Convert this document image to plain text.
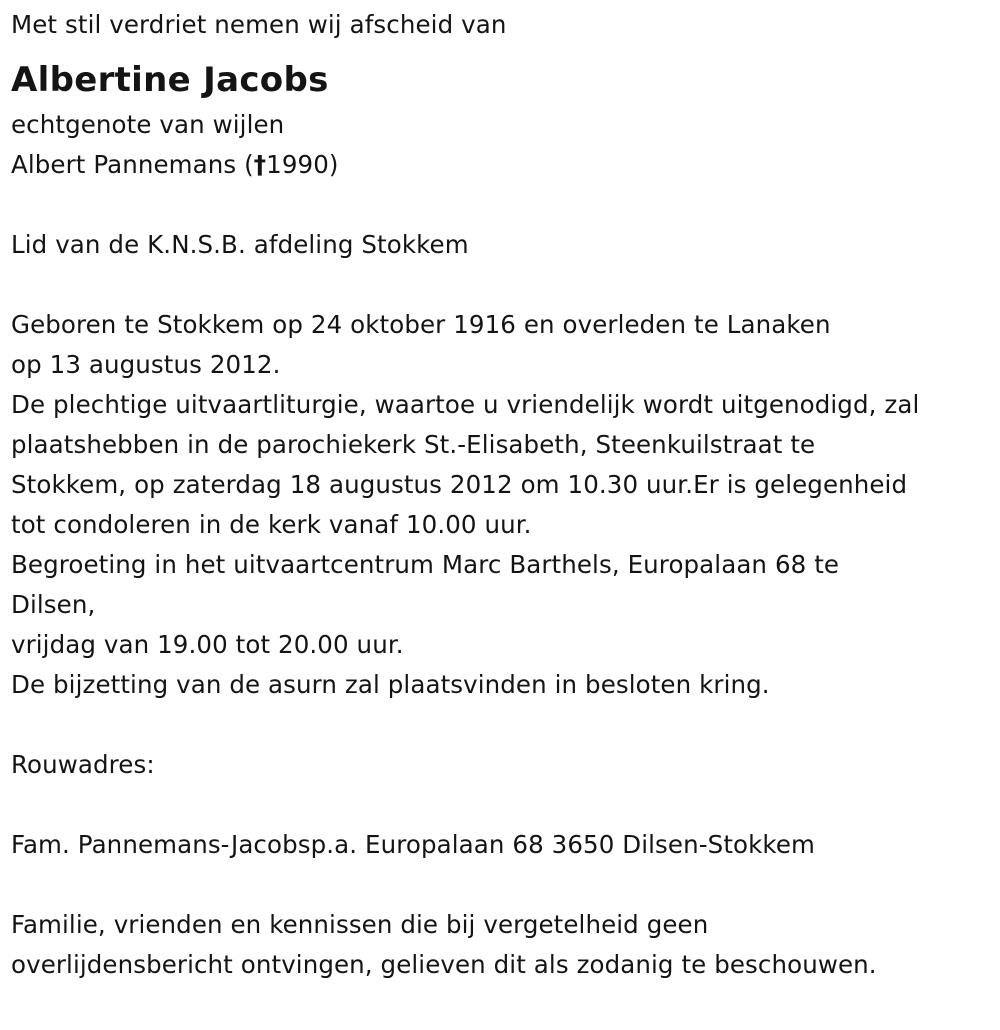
Met stil verdriet nemen wij afscheid van
Albertine Jacobs
echtgenote van wijlen
Albert Pannemans (†1990)
Lid van de K.N.S.B. afdeling Stokkem
Geboren te Stokkem op 24 oktober 1916 en overleden te Lanaken
op 13 augustus 2012.
De plechtige uitvaartliturgie, waartoe u vriendelijk wordt uitgenodigd, zal
plaatshebben in de parochiekerk St.-Elisabeth, Steenkuilstraat te
Stokkem, op zaterdag 18 augustus 2012 om 10.30 uur.Er is gelegenheid
tot condoleren in de kerk vanaf 10.00 uur.
Begroeting in het uitvaartcentrum Marc Barthels, Europalaan 68 te
Dilsen,
vrijdag van 19.00 tot 20.00 uur.
De bijzetting van de asurn zal plaatsvinden in besloten kring.
Rouwadres:
Fam. Pannemans-Jacobsp.a. Europalaan 68 3650 Dilsen-Stokkem
Familie, vrienden en kennissen die bij vergetelheid geen
overlijdensbericht ontvingen, gelieven dit als zodanig te beschouwen.
